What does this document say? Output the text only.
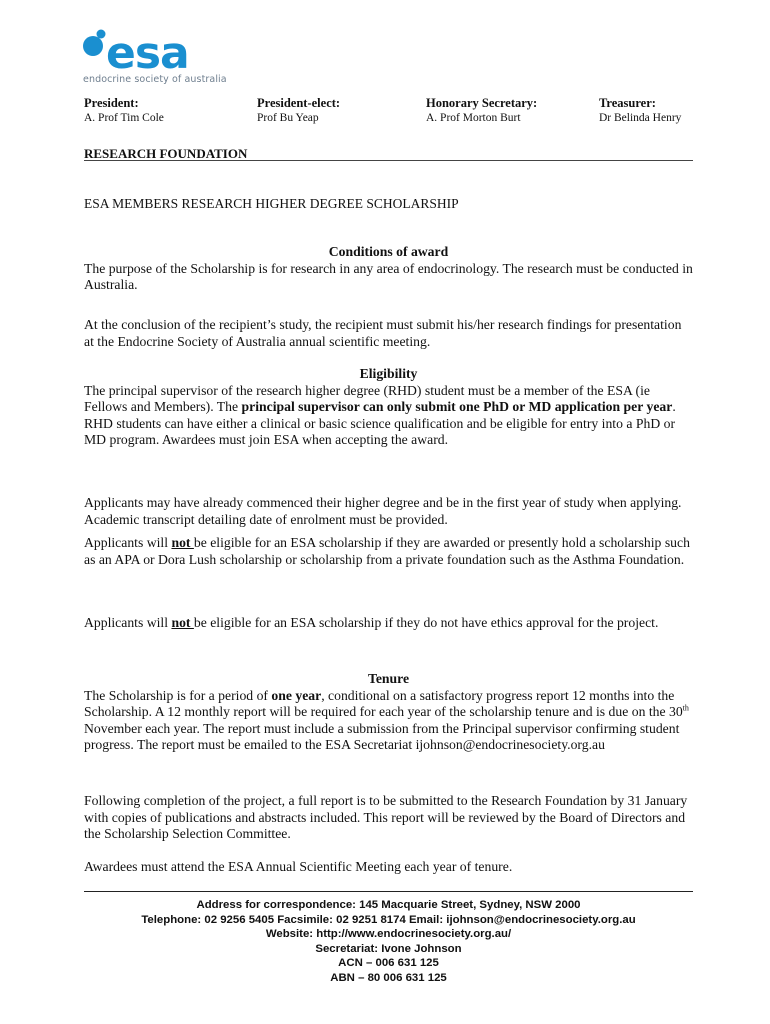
esa
endocrine society of australia
President:
A. Prof Tim Cole
President-elect:
Prof Bu Yeap
Honorary Secretary:
A. Prof Morton Burt
Treasurer:
Dr Belinda Henry
RESEARCH FOUNDATION
ESA MEMBERS RESEARCH HIGHER DEGREE SCHOLARSHIP
Conditions of award

The purpose of the Scholarship is for research in any area of endocrinology. The research must be conducted in Australia.

At the conclusion of the recipient’s study, the recipient must submit his/her research findings for presentation at the Endocrine Society of Australia annual scientific meeting.

Eligibility

The principal supervisor of the research higher degree (RHD) student must be a member of the ESA (ie Fellows and Members). The principal supervisor can only submit one PhD or MD application per year. RHD students can have either a clinical or basic science qualification and be eligible for entry into a PhD or MD program. Awardees must join ESA when accepting the award.

Applicants may have already commenced their higher degree and be in the first year of study when applying. Academic transcript detailing date of enrolment must be provided.

Applicants will not be eligible for an ESA scholarship if they are awarded or presently hold a scholarship such as an APA or Dora Lush scholarship or scholarship from a private foundation such as the Asthma Foundation.

Applicants will not be eligible for an ESA scholarship if they do not have ethics approval for the project.

Tenure

The Scholarship is for a period of one year, conditional on a satisfactory progress report 12 months into the Scholarship. A 12 monthly report will be required for each year of the scholarship tenure and is due on the 30th November each year. The report must include a submission from the Principal supervisor confirming student progress. The report must be emailed to the ESA Secretariat ijohnson@endocrinesociety.org.au

Following completion of the project, a full report is to be submitted to the Research Foundation by 31 January with copies of publications and abstracts included. This report will be reviewed by the Board of Directors and the Scholarship Selection Committee.

Awardees must attend the ESA Annual Scientific Meeting each year of tenure.

Address for correspondence: 145 Macquarie Street, Sydney, NSW 2000
Telephone: 02 9256 5405 Facsimile: 02 9251 8174 Email: ijohnson@endocrinesociety.org.au
Website: http://www.endocrinesociety.org.au/
Secretariat: Ivone Johnson
ACN – 006 631 125
ABN – 80 006 631 125
